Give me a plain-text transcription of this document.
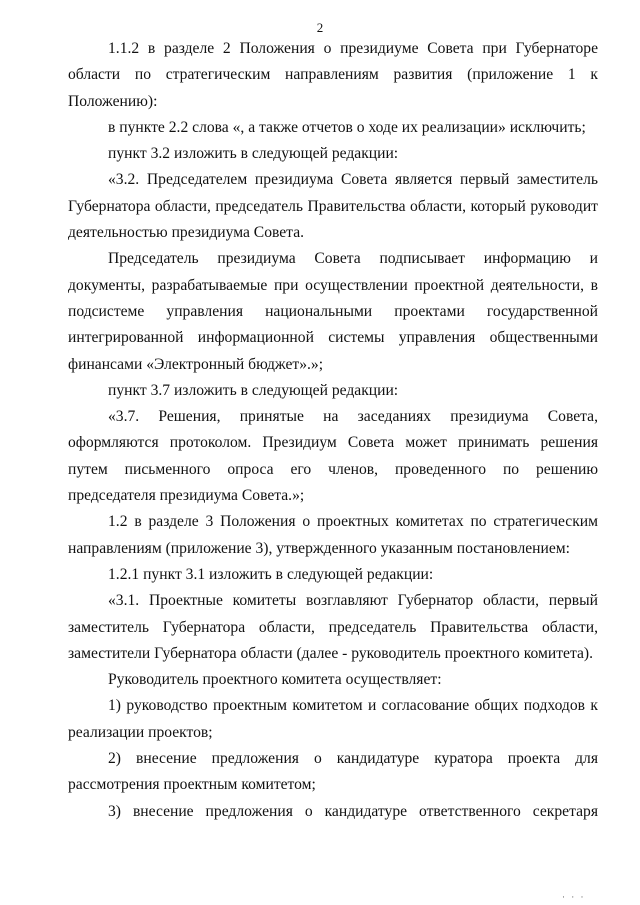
2

1.1.2 в разделе 2 Положения о президиуме Совета при Губернаторе области по стратегическим направлениям развития (приложение 1 к Положению):

в пункте 2.2 слова «, а также отчетов о ходе их реализации» исключить;

пункт 3.2 изложить в следующей редакции:

«3.2. Председателем президиума Совета является первый заместитель Губернатора области, председатель Правительства области, который руководит деятельностью президиума Совета.

Председатель президиума Совета подписывает информацию и документы, разрабатываемые при осуществлении проектной деятельности, в подсистеме управления национальными проектами государственной интегрированной информационной системы управления общественными финансами «Электронный бюджет».»;

пункт 3.7 изложить в следующей редакции:

«3.7. Решения, принятые на заседаниях президиума Совета, оформляются протоколом. Президиум Совета может принимать решения путем письменного опроса его членов, проведенного по решению председателя президиума Совета.»;

1.2 в разделе 3 Положения о проектных комитетах по стратегическим направлениям (приложение 3), утвержденного указанным постановлением:

1.2.1 пункт 3.1 изложить в следующей редакции:

«3.1. Проектные комитеты возглавляют Губернатор области, первый заместитель Губернатора области, председатель Правительства области, заместители Губернатора области (далее - руководитель проектного комитета).

Руководитель проектного комитета осуществляет:

1) руководство проектным комитетом и согласование общих подходов к реализации проектов;

2) внесение предложения о кандидатуре куратора проекта для рассмотрения проектным комитетом;

3) внесение предложения о кандидатуре ответственного секретаря

· · ·
